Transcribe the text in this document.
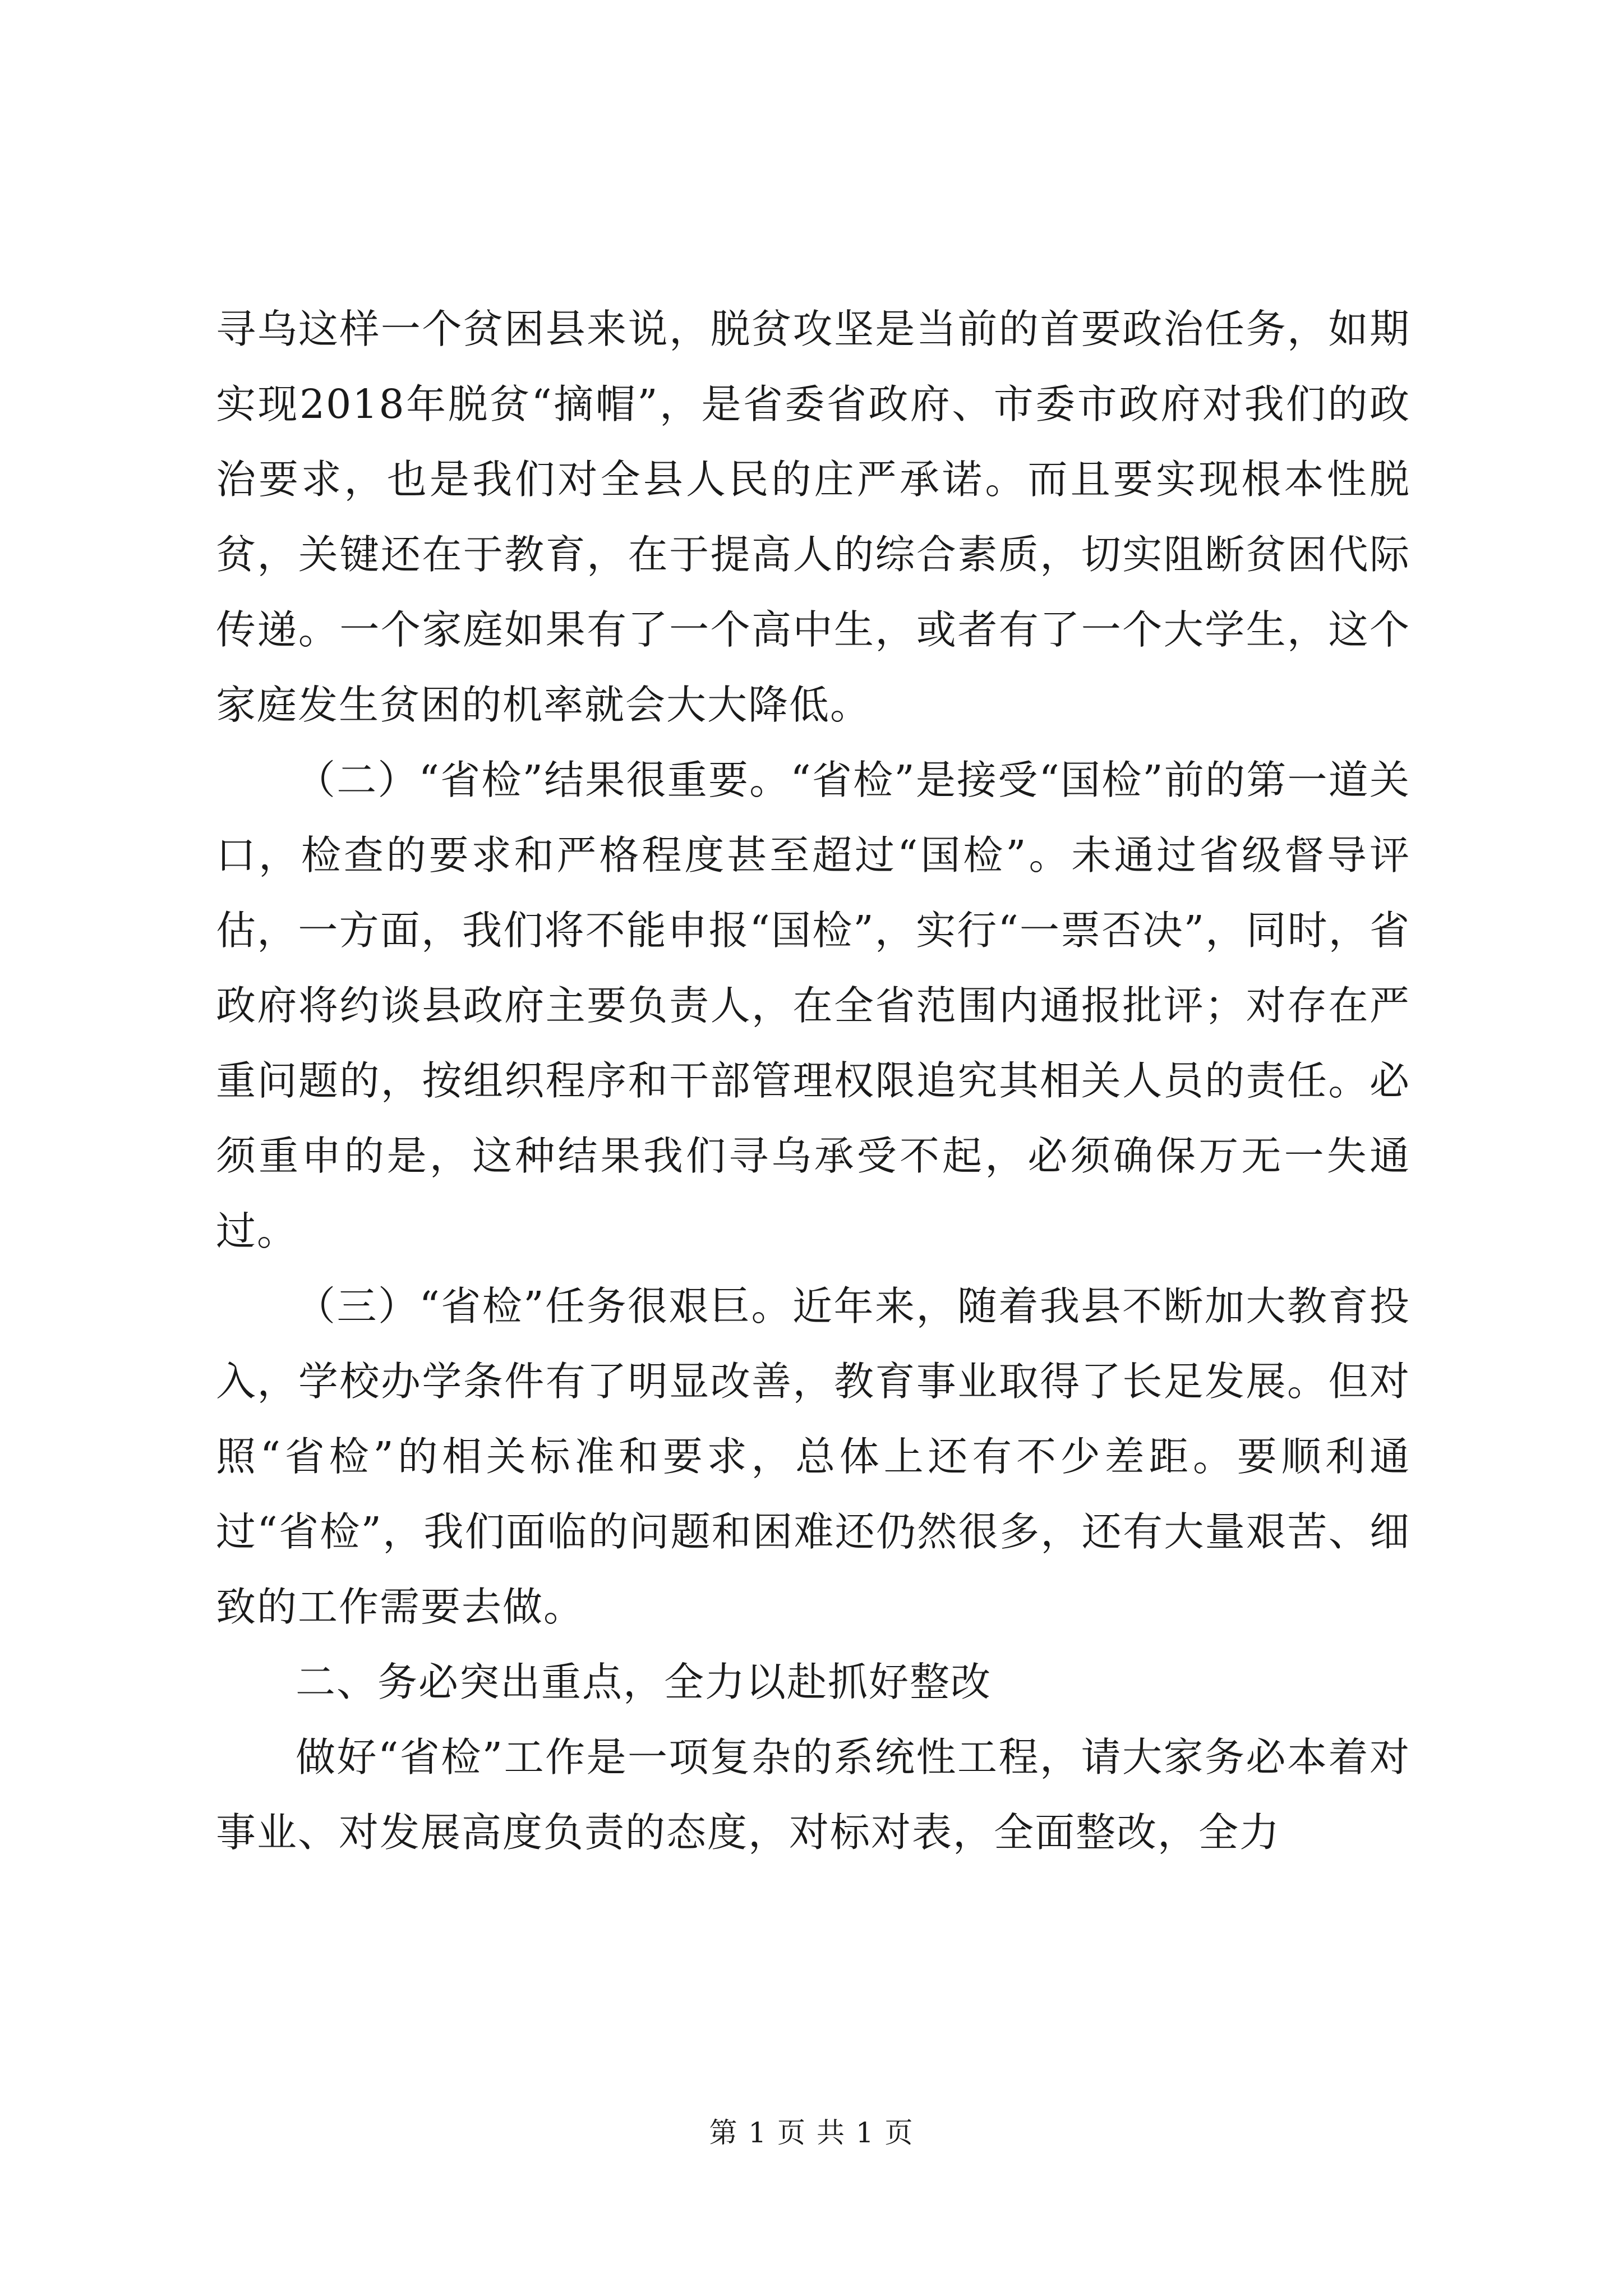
寻乌这样一个贫困县来说，脱贫攻坚是当前的首要政治任务，如期实现2018年脱贫“摘帽”，是省委省政府、市委市政府对我们的政治要求，也是我们对全县人民的庄严承诺。而且要实现根本性脱贫，关键还在于教育，在于提高人的综合素质，切实阻断贫困代际传递。一个家庭如果有了一个高中生，或者有了一个大学生，这个家庭发生贫困的机率就会大大降低。

（二）“省检”结果很重要。“省检”是接受“国检”前的第一道关口，检查的要求和严格程度甚至超过“国检”。未通过省级督导评估，一方面，我们将不能申报“国检”，实行“一票否决”，同时，省政府将约谈县政府主要负责人，在全省范围内通报批评；对存在严重问题的，按组织程序和干部管理权限追究其相关人员的责任。必须重申的是，这种结果我们寻乌承受不起，必须确保万无一失通过。

（三）“省检”任务很艰巨。近年来，随着我县不断加大教育投入，学校办学条件有了明显改善，教育事业取得了长足发展。但对照“省检”的相关标准和要求，总体上还有不少差距。要顺利通过“省检”，我们面临的问题和困难还仍然很多，还有大量艰苦、细致的工作需要去做。

二、务必突出重点，全力以赴抓好整改

做好“省检”工作是一项复杂的系统性工程，请大家务必本着对事业、对发展高度负责的态度，对标对表，全面整改，全力

第 1 页 共 1 页
